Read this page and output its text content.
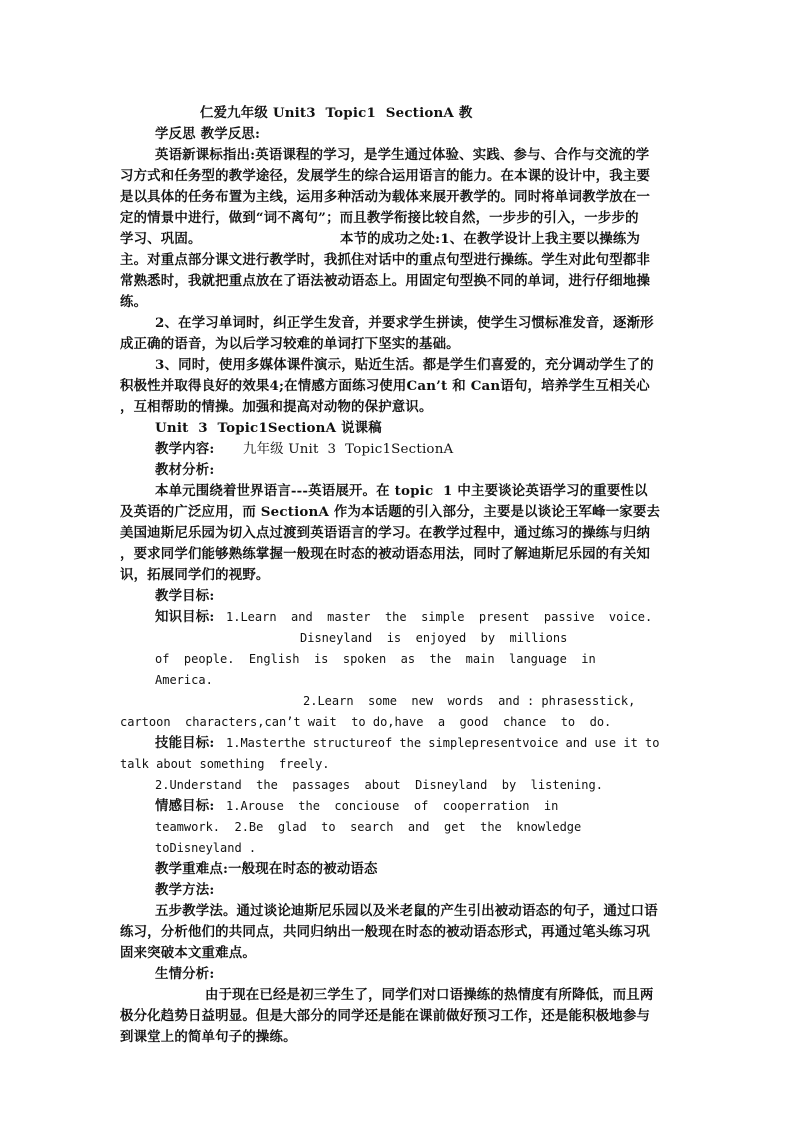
仁爱九年级 Unit3  Topic1  SectionA 教

学反思 教学反思:

英语新课标指出:英语课程的学习，是学生通过体验、实践、参与、合作与交流的学

习方式和任务型的教学途径，发展学生的综合运用语言的能力。在本课的设计中，我主要

是以具体的任务布置为主线，运用多种活动为载体来展开教学的。同时将单词教学放在一

定的情景中进行，做到“词不离句”；而且教学衔接比较自然，一步步的引入，一步步的

学习、巩固。	本节的成功之处:1、在教学设计上我主要以操练为

主。对重点部分课文进行教学时，我抓住对话中的重点句型进行操练。学生对此句型都非

常熟悉时，我就把重点放在了语法被动语态上。用固定句型换不同的单词，进行仔细地操

练。

2、在学习单词时，纠正学生发音，并要求学生拼读，使学生习惯标准发音，逐渐形

成正确的语音，为以后学习较难的单词打下坚实的基础。

3、同时，使用多媒体课件演示，贴近生活。都是学生们喜爱的，充分调动学生了的

积极性并取得良好的效果4;在情感方面练习使用Can’t 和 Can语句，培养学生互相关心

，互相帮助的情操。加强和提高对动物的保护意识。

Unit  3  Topic1SectionA 说课稿

教学内容: 九年级 Unit  3  Topic1SectionA

教材分析:

本单元围绕着世界语言---英语展开。在 topic  1 中主要谈论英语学习的重要性以

及英语的广泛应用，而 SectionA 作为本话题的引入部分，主要是以谈论王军峰一家要去

美国迪斯尼乐园为切入点过渡到英语语言的学习。在教学过程中，通过练习的操练与归纳

，要求同学们能够熟练掌握一般现在时态的被动语态用法，同时了解迪斯尼乐园的有关知

识，拓展同学们的视野。

教学目标:

知识目标: 1.Learn  and  master  the  simple  present  passive  voice.

Disneyland  is  enjoyed  by  millions

of  people.  English  is  spoken  as  the  main  language  in

America.

2.Learn  some  new  words  and : phrasesstick,

cartoon  characters,can’t wait  to do,have  a  good  chance  to  do.

技能目标: 1.Masterthe structureof the simplepresentvoice and use it to

talk about something  freely.

2.Understand  the  passages  about  Disneyland  by  listening.

情感目标: 1.Arouse  the  conciouse  of  cooperration  in

teamwork.  2.Be  glad  to  search  and  get  the  knowledge

toDisneyland .

教学重难点:一般现在时态的被动语态

教学方法:

五步教学法。通过谈论迪斯尼乐园以及米老鼠的产生引出被动语态的句子，通过口语

练习，分析他们的共同点，共同归纳出一般现在时态的被动语态形式，再通过笔头练习巩

固来突破本文重难点。

生情分析:

由于现在已经是初三学生了，同学们对口语操练的热情度有所降低，而且两

极分化趋势日益明显。但是大部分的同学还是能在课前做好预习工作，还是能积极地参与

到课堂上的简单句子的操练。
